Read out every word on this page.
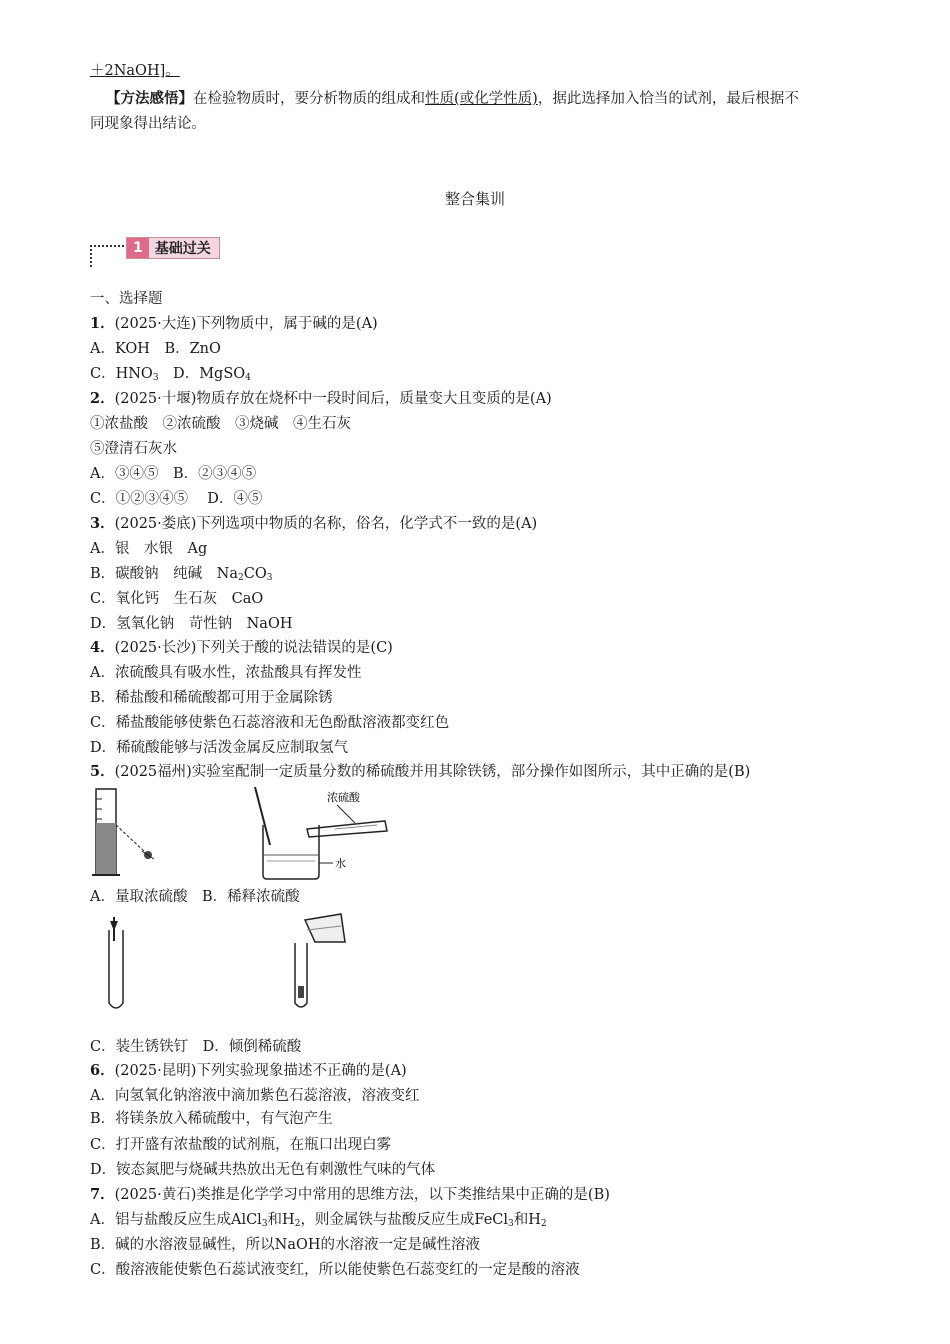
＋2NaOH]。
【方法感悟】在检验物质时，要分析物质的组成和性质(或化学性质)，据此选择加入恰当的试剂，最后根据不
同现象得出结论。
整合集训
1 基础过关
一、选择题
1．(2025·大连)下列物质中，属于碱的是(A)
A．KOH　B．ZnO
C．$HNO_3$　D．MgSO$_4$
2．(2025·十堰)物质存放在烧杯中一段时间后，质量变大且变质的是(A)
①浓盐酸　②浓硫酸　③烧碱　④生石灰
⑤澄清石灰水
A．③④⑤　B．②③④⑤
C．①②③④⑤　 D．④⑤
3．(2025·娄底)下列选项中物质的名称，俗名，化学式不一致的是(A)
A．银　水银　Ag
B．碳酸钠　纯碱　$Na_2CO_3$
C．氧化钙　生石灰　CaO
D．氢氧化钠　苛性钠　NaOH
4．(2025·长沙)下列关于酸的说法错误的是(C)
A．浓硫酸具有吸水性，浓盐酸具有挥发性
B．稀盐酸和稀硫酸都可用于金属除锈
C．稀盐酸能够使紫色石蕊溶液和无色酚酞溶液都变红色
D．稀硫酸能够与活泼金属反应制取氢气
5．(2025福州)实验室配制一定质量分数的稀硫酸并用其除铁锈，部分操作如图所示，其中正确的是(B)
浓硫酸
水
A．量取浓硫酸　B．稀释浓硫酸
C．装生锈铁钉　D．倾倒稀硫酸
6．(2025·昆明)下列实验现象描述不正确的是(A)
A．向氢氧化钠溶液中滴加紫色石蕊溶液，溶液变红
B．将镁条放入稀硫酸中，有气泡产生
C．打开盛有浓盐酸的试剂瓶，在瓶口出现白雾
D．铵态氮肥与烧碱共热放出无色有刺激性气味的气体
7．(2025·黄石)类推是化学学习中常用的思维方法，以下类推结果中正确的是(B)
A．铝与盐酸反应生成AlCl$_3$和$H_2$，则金属铁与盐酸反应生成FeCl$_3$和$H_2$
B．碱的水溶液显碱性，所以NaOH的水溶液一定是碱性溶液
C．酸溶液能使紫色石蕊试液变红，所以能使紫色石蕊变红的一定是酸的溶液
